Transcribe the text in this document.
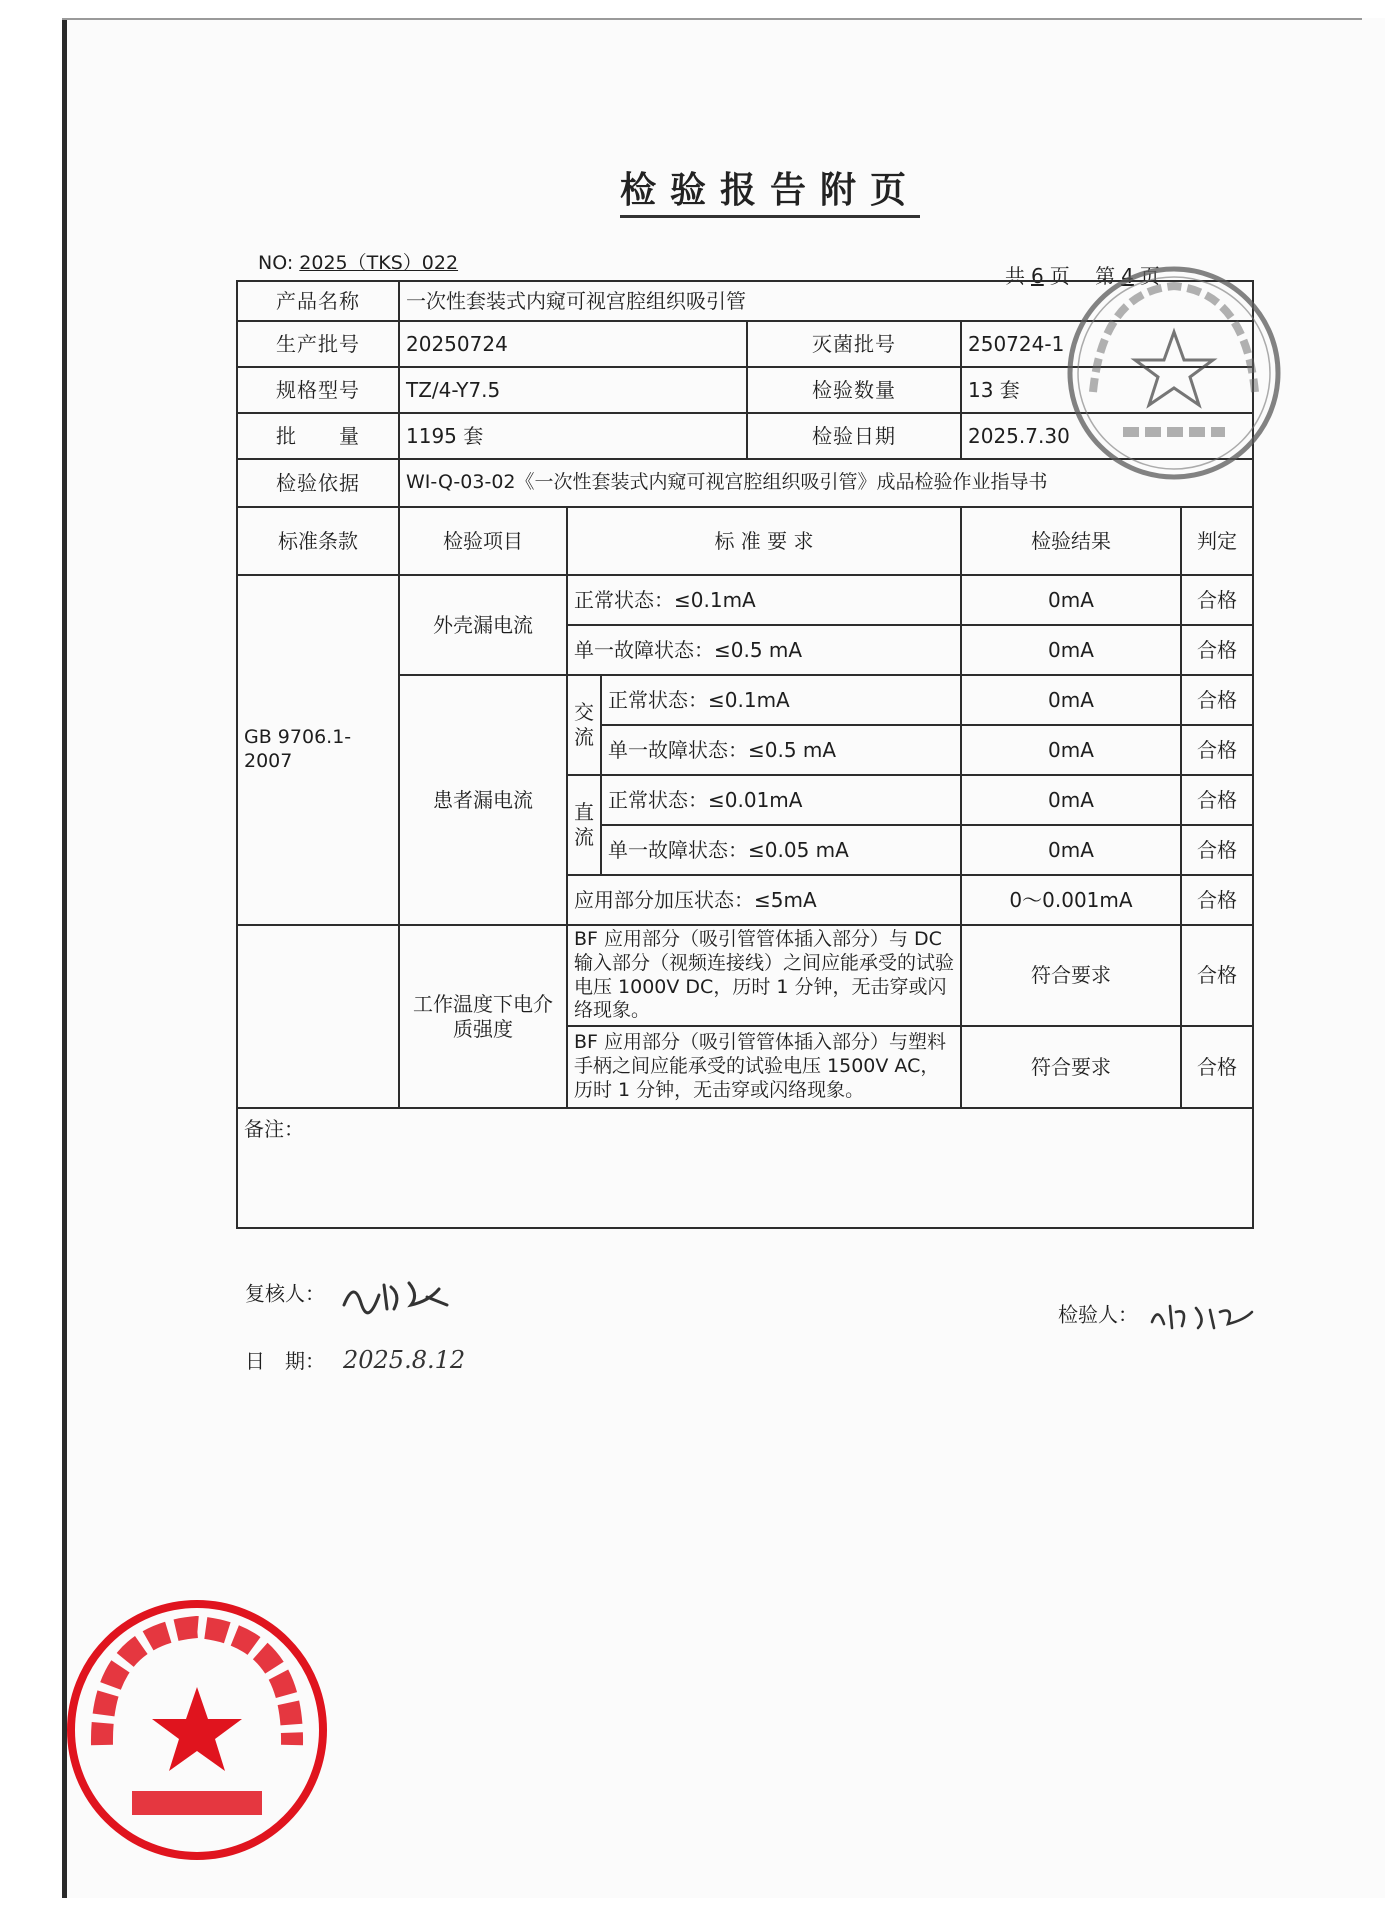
检验报告附页
NO: 2025（TKS）022
共 6 页 第 4 页
产品名称	一次性套装式内窥可视宫腔组织吸引管					
生产批号	20250724			灭菌批号	250724-1	
规格型号	TZ/4-Y7.5			检验数量	13 套	
批　　量	1195 套			检验日期	2025.7.30	
检验依据	WI-Q-03-02《一次性套装式内窥可视宫腔组织吸引管》成品检验作业指导书					
标准条款	检验项目	标 准 要 求			检验结果	判定
GB 9706.1-2007	外壳漏电流	正常状态：≤0.1mA			0mA	合格
		单一故障状态：≤0.5 mA			0mA	合格
	患者漏电流	交流	正常状态：≤0.1mA		0mA	合格
			单一故障状态：≤0.5 mA		0mA	合格
		直流	正常状态：≤0.01mA		0mA	合格
			单一故障状态：≤0.05 mA		0mA	合格
		应用部分加压状态：≤5mA			0～0.001mA	合格
	工作温度下电介质强度	BF 应用部分（吸引管管体插入部分）与 DC 输入部分（视频连接线）之间应能承受的试验电压 1000V DC，历时 1 分钟，无击穿或闪络现象。			符合要求	合格
		BF 应用部分（吸引管管体插入部分）与塑料手柄之间应能承受的试验电压 1500V AC，历时 1 分钟，无击穿或闪络现象。			符合要求	合格
备注：						
复核人：
检验人：
日　期： 2025.8.12
